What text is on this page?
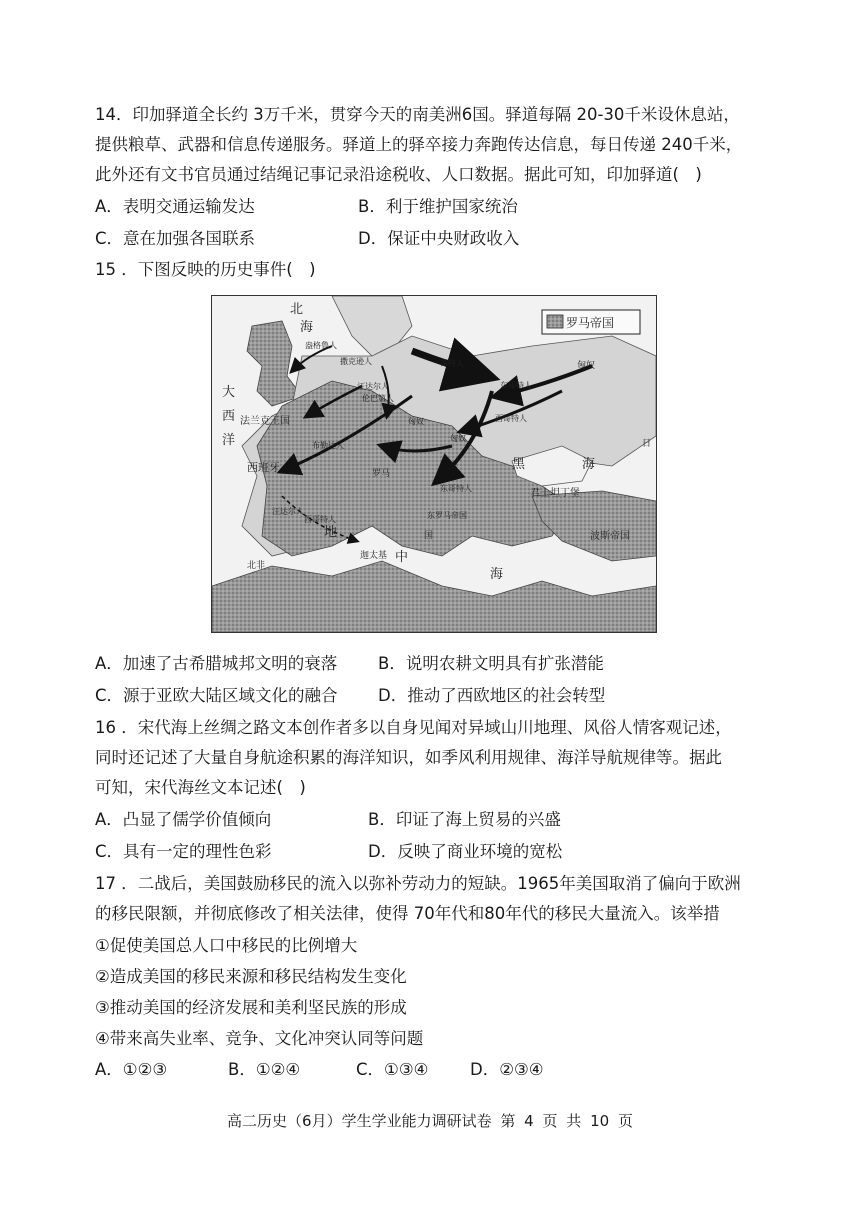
14．印加驿道全长约 3万千米，贯穿今天的南美洲6国。驿道每隔 20-30千米设休息站，
提供粮草、武器和信息传递服务。驿道上的驿卒接力奔跑传达信息，每日传递 240千米，
此外还有文书官员通过结绳记事记录沿途税收、人口数据。据此可知，印加驿道(　)
A．表明交通运输发达	B．利于维护国家统治
C．意在加强各国联系	D．保证中央财政收入
15 ．下图反映的历史事件(　)
罗马帝国
北
海
大
西
洋
盎格鲁人
撒克逊人
伦巴第人
哥特人
东哥特人
匈奴
匈奴
匈奴
法兰克王国
布勒达人
西哥特人
东哥特人
西班牙	罗马
汪达尔人
汪达尔人
北非
黑	海
君士坦丁堡
波斯帝国
地
中
海
迦太基
西哥特人	东罗马帝国
国
日
A．加速了古希腊城邦文明的衰落 B．说明农耕文明具有扩张潜能
C．源于亚欧大陆区域文化的融合 D．推动了西欧地区的社会转型
16 ．宋代海上丝绸之路文本创作者多以自身见闻对异域山川地理、风俗人情客观记述，
同时还记述了大量自身航途积累的海洋知识，如季风利用规律、海洋导航规律等。据此
可知，宋代海丝文本记述(　)
A．凸显了儒学价值倾向	B．印证了海上贸易的兴盛
C．具有一定的理性色彩	D．反映了商业环境的宽松
17 ．二战后，美国鼓励移民的流入以弥补劳动力的短缺。1965年美国取消了偏向于欧洲
的移民限额，并彻底修改了相关法律，使得 70年代和80年代的移民大量流入。该举措
①促使美国总人口中移民的比例增大
②造成美国的移民来源和移民结构发生变化
③推动美国的经济发展和美利坚民族的形成
④带来高失业率、竞争、文化冲突认同等问题
A．①②③	B．①②④	C．①③④	D．②③④
高二历史（6月）学生学业能力调研试卷 第 4 页 共 10 页
